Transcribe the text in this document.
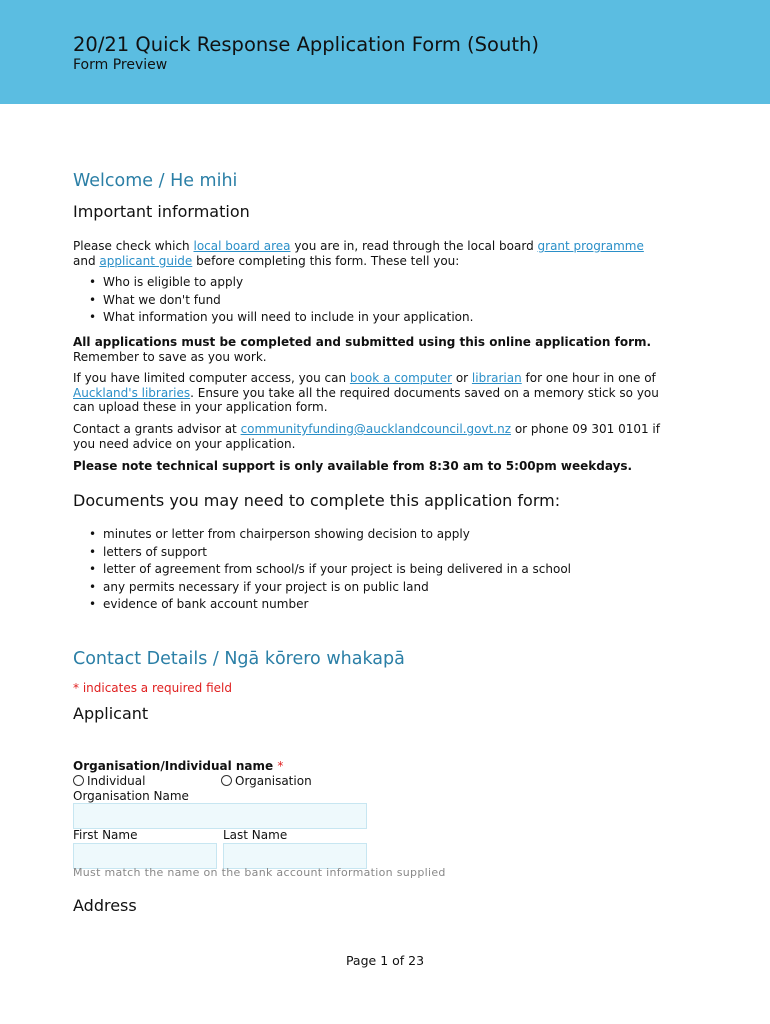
20/21 Quick Response Application Form (South)
Form Preview
Welcome / He mihi
Important information
Please check which local board area you are in, read through the local board grant programme and applicant guide before completing this form. These tell you:
• Who is eligible to apply
• What we don't fund
• What information you will need to include in your application.
All applications must be completed and submitted using this online application form. Remember to save as you work.
If you have limited computer access, you can book a computer or librarian for one hour in one of Auckland's libraries. Ensure you take all the required documents saved on a memory stick so you can upload these in your application form.
Contact a grants advisor at communityfunding@aucklandcouncil.govt.nz or phone 09 301 0101 if you need advice on your application.
Please note technical support is only available from 8:30 am to 5:00pm weekdays.
Documents you may need to complete this application form:
• minutes or letter from chairperson showing decision to apply
• letters of support
• letter of agreement from school/s if your project is being delivered in a school
• any permits necessary if your project is on public land
• evidence of bank account number
Contact Details / Ngā kōrero whakapā
* indicates a required field
Applicant
Organisation/Individual name *
Individual	Organisation
Organisation Name
First Name	Last Name
Must match the name on the bank account information supplied
Address
Page 1 of 23
